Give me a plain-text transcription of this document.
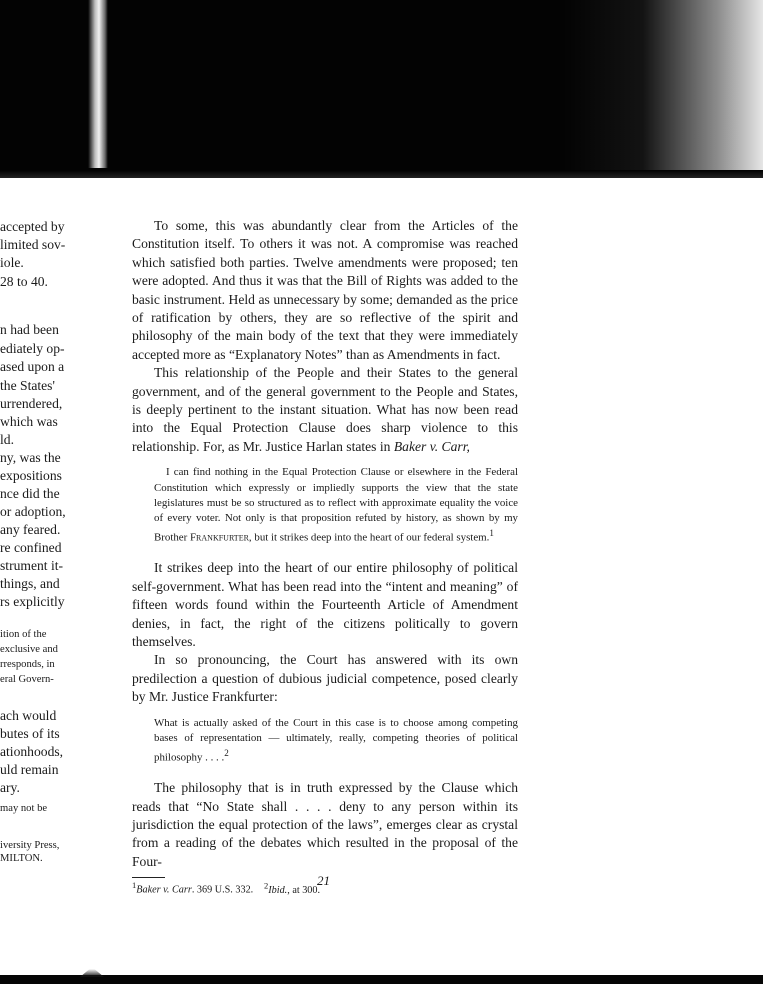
accepted by

limited sov-

iole.

28 to 40.

n had been

ediately op-

ased upon a

the States'

urrendered,

which was

ld.

ny, was the

expositions

nce did the

or adoption,

any feared.

re confined

strument it-

things, and

rs explicitly

ition of the

exclusive and

rresponds, in

eral Govern-

ach would

butes of its

ationhoods,

uld remain

ary.

may not be

iversity Press,

MILTON.

To some, this was abundantly clear from the Articles of the Constitution itself. To others it was not. A compromise was reached which satisfied both parties. Twelve amendments were proposed; ten were adopted. And thus it was that the Bill of Rights was added to the basic instrument. Held as unnecessary by some; demanded as the price of ratification by others, they are so reflective of the spirit and philosophy of the main body of the text that they were immediately accepted more as “Explanatory Notes” than as Amendments in fact.

This relationship of the People and their States to the general government, and of the general government to the People and States, is deeply pertinent to the instant situation. What has now been read into the Equal Protection Clause does sharp violence to this relationship. For, as Mr. Justice Harlan states in Baker v. Carr,

I can find nothing in the Equal Protection Clause or elsewhere in the Federal Constitution which expressly or impliedly supports the view that the state legislatures must be so structured as to reflect with approximate equality the voice of every voter. Not only is that proposition refuted by history, as shown by my Brother Frankfurter, but it strikes deep into the heart of our federal system.$^1$

It strikes deep into the heart of our entire philosophy of political self-government. What has been read into the “intent and meaning” of fifteen words found within the Fourteenth Article of Amendment denies, in fact, the right of the citizens politically to govern themselves.

In so pronouncing, the Court has answered with its own predilection a question of dubious judicial competence, posed clearly by Mr. Justice Frankfurter:

What is actually asked of the Court in this case is to choose among competing bases of representation — ultimately, really, competing theories of political philosophy . . . .$^2$

The philosophy that is in truth expressed by the Clause which reads that “No State shall . . . . deny to any person within its jurisdiction the equal protection of the laws”, emerges clear as crystal from a reading of the debates which resulted in the proposal of the Four-

$^1$Baker v. Carr. 369 U.S. 332. $^2$Ibid., at 300.

21
